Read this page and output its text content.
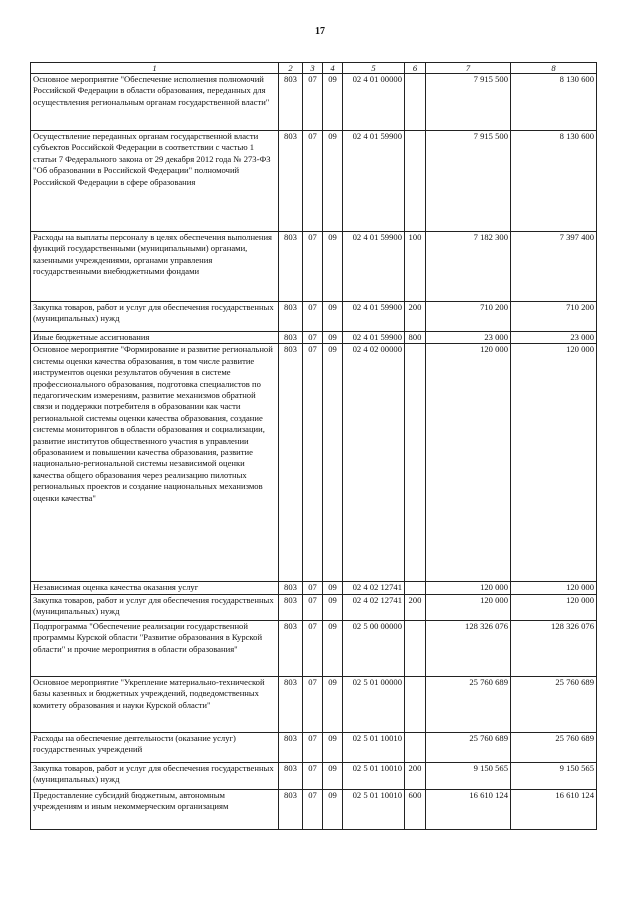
17
1	2	3	4	5	6	7	8
Основное мероприятие "Обеспечение исполнения полномочий Российской Федерации в области образования, переданных для осуществления региональным органам государственной власти"	803	07	09	02 4 01 00000		7 915 500	8 130 600
Осуществление переданных органам государственной власти субъектов Российской Федерации в соответствии с частью 1 статьи 7 Федерального закона от 29 декабря 2012 года № 273-ФЗ "Об образовании в Российской Федерации" полномочий Российской Федерации в сфере образования	803	07	09	02 4 01 59900		7 915 500	8 130 600
Расходы на выплаты персоналу в целях обеспечения выполнения функций государственными (муниципальными) органами, казенными учреждениями, органами управления государственными внебюджетными фондами	803	07	09	02 4 01 59900	100	7 182 300	7 397 400
Закупка товаров, работ и услуг для обеспечения государственных (муниципальных) нужд	803	07	09	02 4 01 59900	200	710 200	710 200
Иные бюджетные ассигнования	803	07	09	02 4 01 59900	800	23 000	23 000
Основное мероприятие "Формирование и развитие региональной системы оценки качества образования, в том числе развитие инструментов оценки результатов обучения в системе профессионального образования, подготовка специалистов по педагогическим измерениям, развитие механизмов обратной связи и поддержки потребителя в образовании как части региональной системы оценки качества образования, создание системы мониторингов в области образования и социализации, развитие институтов общественного участия в управлении образованием и повышении качества образования, развитие национально-региональной системы независимой оценки качества общего образования через реализацию пилотных региональных проектов и создание национальных механизмов оценки качества"	803	07	09	02 4 02 00000		120 000	120 000
Независимая оценка качества оказания услуг	803	07	09	02 4 02 12741		120 000	120 000
Закупка товаров, работ и услуг для обеспечения государственных (муниципальных) нужд	803	07	09	02 4 02 12741	200	120 000	120 000
Подпрограмма "Обеспечение реализации государственной программы Курской области "Развитие образования в Курской области" и прочие мероприятия в области образования"	803	07	09	02 5 00 00000		128 326 076	128 326 076
Основное мероприятие "Укрепление материально-технической базы казенных и бюджетных учреждений, подведомственных комитету образования и науки Курской области"	803	07	09	02 5 01 00000		25 760 689	25 760 689
Расходы на обеспечение деятельности (оказание услуг) государственных учреждений	803	07	09	02 5 01 10010		25 760 689	25 760 689
Закупка товаров, работ и услуг для обеспечения государственных (муниципальных) нужд	803	07	09	02 5 01 10010	200	9 150 565	9 150 565
Предоставление субсидий бюджетным, автономным учреждениям и иным некоммерческим организациям	803	07	09	02 5 01 10010	600	16 610 124	16 610 124
